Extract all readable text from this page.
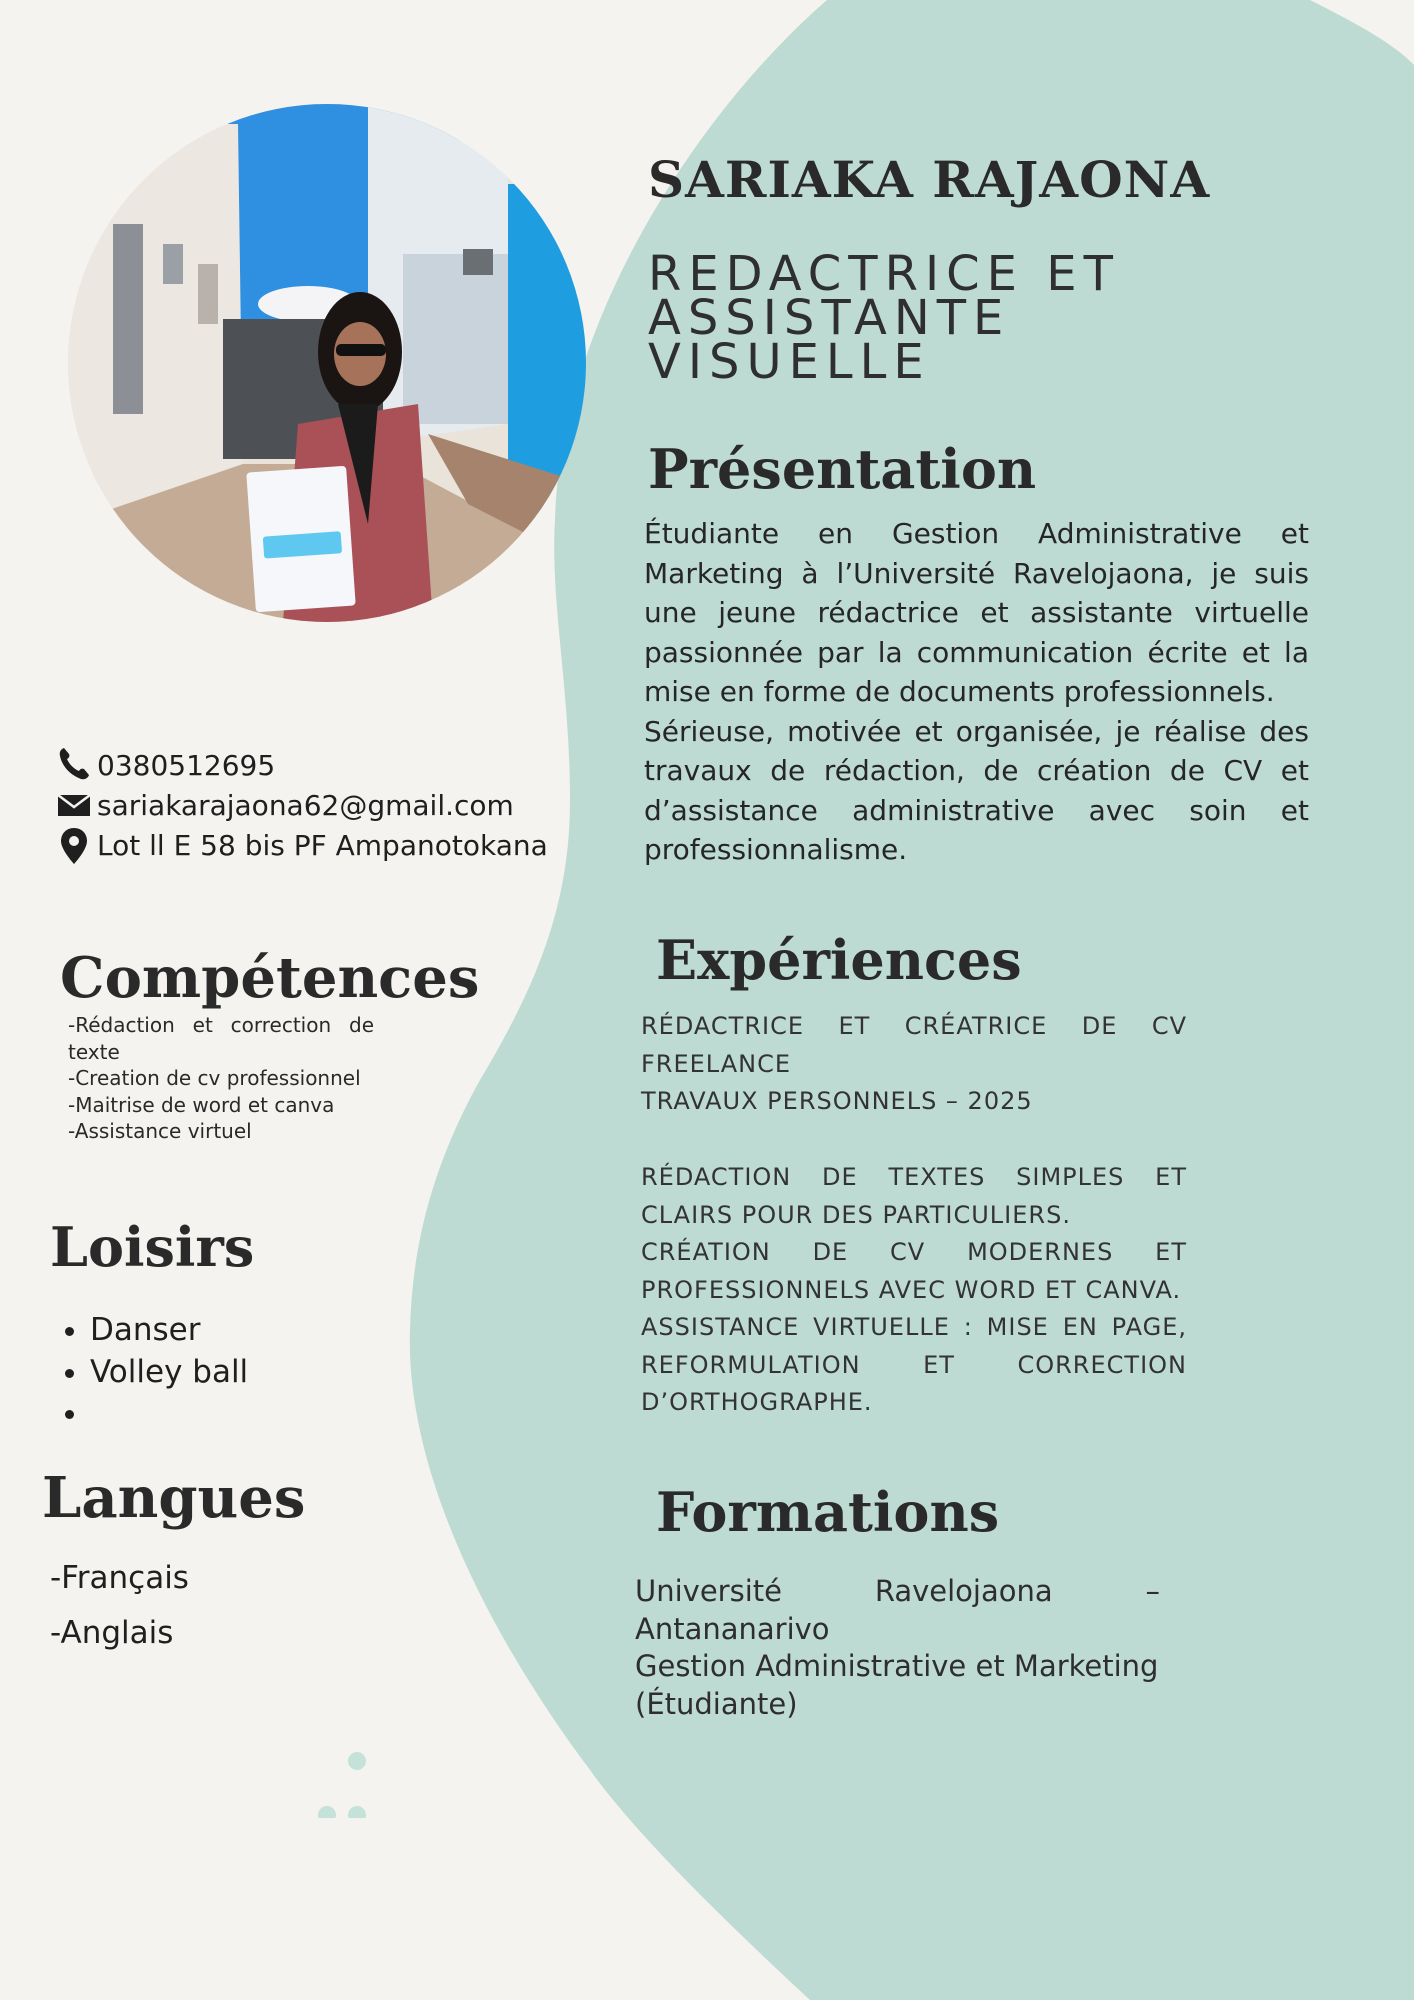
SARIAKA RAJAONA
REDACTRICE ET
ASSISTANTE
VISUELLE
Présentation

Étudiante en Gestion Administrative et Marketing à l’Université Ravelojaona, je suis une jeune rédactrice et assistante virtuelle passionnée par la communication écrite et la mise en forme de documents professionnels.

Sérieuse, motivée et organisée, je réalise des travaux de rédaction, de création de CV et d’assistance administrative avec soin et professionnalisme.

Expériences

RÉDACTRICE ET CRÉATRICE DE CV FREELANCE

TRAVAUX PERSONNELS – 2025

RÉDACTION DE TEXTES SIMPLES ET CLAIRS POUR DES PARTICULIERS.

CRÉATION DE CV MODERNES ET PROFESSIONNELS AVEC WORD ET CANVA.

ASSISTANCE VIRTUELLE : MISE EN PAGE, REFORMULATION ET CORRECTION D’ORTHOGRAPHE.

Formations

Université Ravelojaona – Antananarivo

Gestion Administrative et Marketing

(Étudiante)

0380512695
sariakarajaona62@gmail.com
Lot ll E 58 bis PF Ampanotokana
Compétences

-Rédaction et correction de texte

-Creation de cv professionnel

-Maitrise de word et canva

-Assistance virtuel

Loisirs
• Danser
• Volley ball
•
Langues
-Français
-Anglais
